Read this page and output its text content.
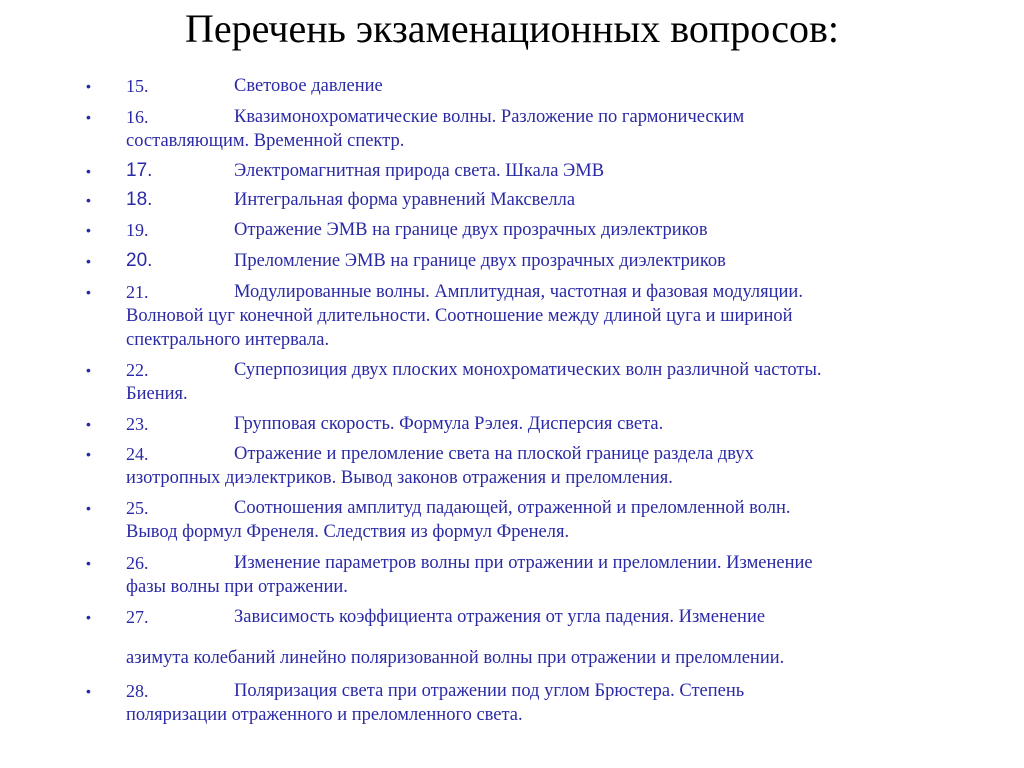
Перечень экзаменационных вопросов:
• 15.	Световое давление
• 16.	Квазимонохроматические волны. Разложение по гармоническим
составляющим. Временной спектр.
• 17.	Электромагнитная природа света. Шкала ЭМВ
• 18.	Интегральная форма уравнений Максвелла
• 19.	Отражение ЭМВ на границе двух прозрачных диэлектриков
• 20.	Преломление ЭМВ на границе двух прозрачных диэлектриков
• 21.	Модулированные волны. Амплитудная, частотная и фазовая модуляции.
Волновой цуг конечной длительности. Соотношение между длиной цуга и шириной
спектрального интервала.
• 22.	Суперпозиция двух плоских монохроматических волн различной частоты.
Биения.
• 23.	Групповая скорость. Формула Рэлея. Дисперсия света.
• 24.	Отражение и преломление света на плоской границе раздела двух
изотропных диэлектриков. Вывод законов отражения и преломления.
• 25.	Соотношения амплитуд падающей, отраженной и преломленной волн.
Вывод формул Френеля. Следствия из формул Френеля.
• 26.	Изменение параметров волны при отражении и преломлении. Изменение
фазы волны при отражении.
• 27.	Зависимость коэффициента отражения от угла падения. Изменение
азимута колебаний линейно поляризованной волны при отражении и преломлении.
• 28.	Поляризация света при отражении под углом Брюстера. Степень
поляризации отраженного и преломленного света.
